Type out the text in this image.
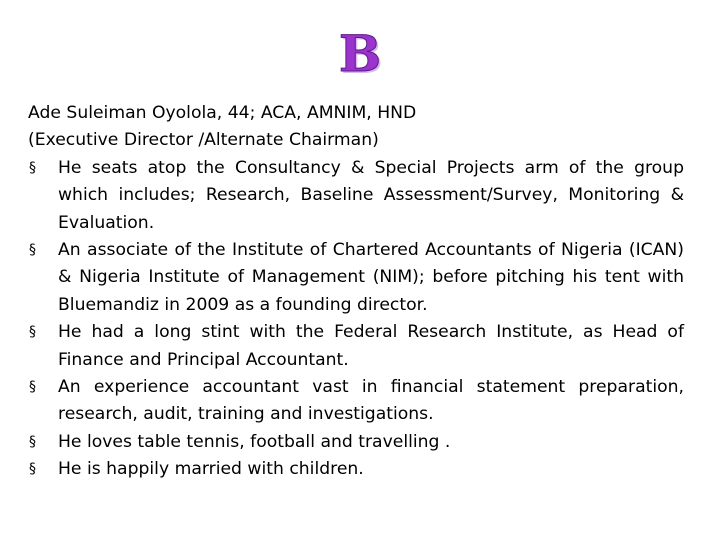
B

Ade Suleiman Oyolola, 44; ACA, AMNIM, HND

(Executive Director /Alternate Chairman)

§ He seats atop the Consultancy & Special Projects arm of the group which includes; Research, Baseline Assessment/Survey, Monitoring & Evaluation.
§ An associate of the Institute of Chartered Accountants of Nigeria (ICAN) & Nigeria Institute of Management (NIM); before pitching his tent with Bluemandiz in 2009 as a founding director.
§ He had a long stint with the Federal Research Institute, as Head of Finance and Principal Accountant.
§ An experience accountant vast in financial statement preparation, research, audit, training and investigations.
§ He loves table tennis, football and travelling .
§ He is happily married with children.
